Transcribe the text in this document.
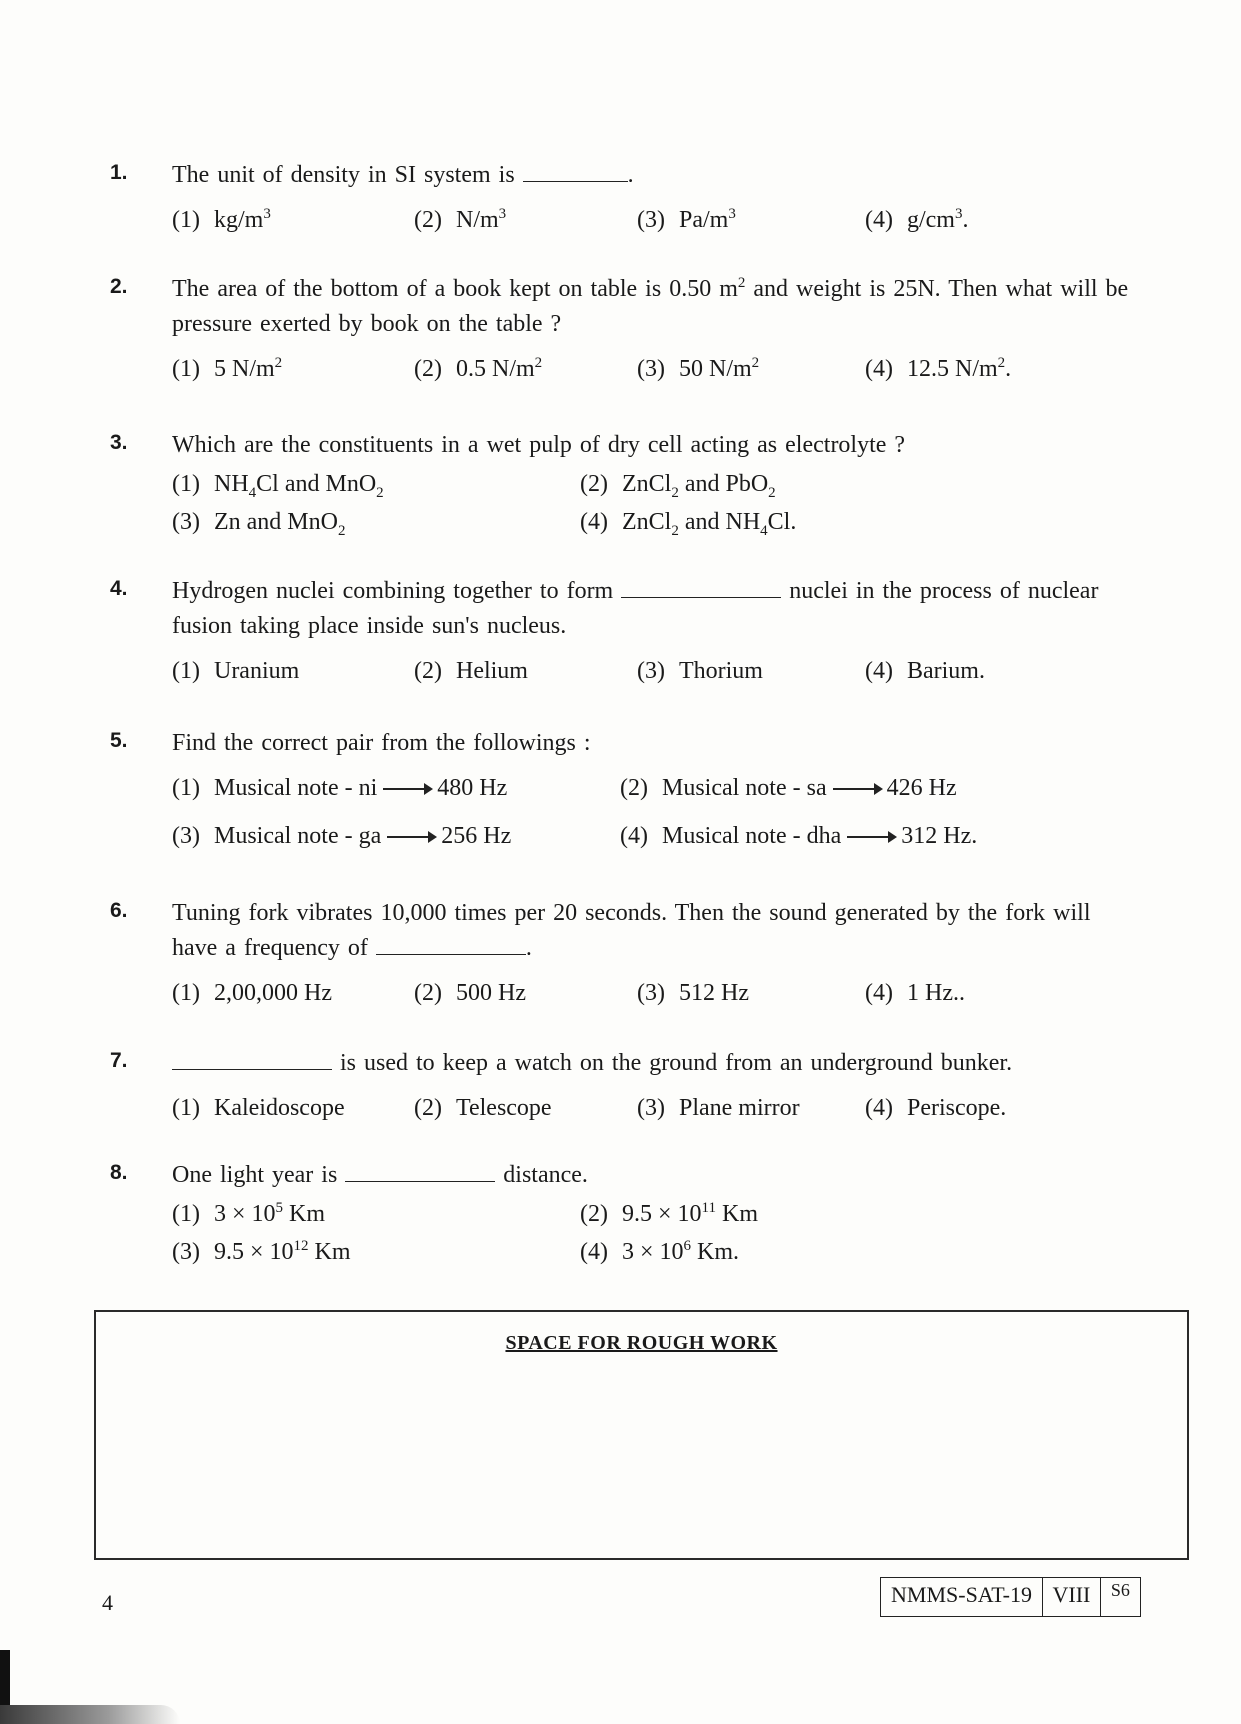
1. The unit of density in SI system is	.
(1) $kg/m^3$	(2) $N/m^3$	(3) $Pa/m^3$	(4) $g/cm^3$.
2. The area of the bottom of a book kept on table is 0.50 $m^2$ and weight is 25N. Then what will be pressure exerted by book on the table ?
(1) 5 $N/m^2$	(2) 0.5 $N/m^2$	(3) 50 $N/m^2$	(4) 12.5 $N/m^2$.
3. Which are the constituents in a wet pulp of dry cell acting as electrolyte ?
(1) $NH_4Cl$ and MnO$_2$	(2) ZnCl$_2$ and PbO$_2$
(3) Zn and MnO$_2$	(4) ZnCl$_2$ and $NH_4Cl$.
4. Hydrogen nuclei combining together to form	nuclei in the process of nuclear fusion taking place inside sun's nucleus.
(1) Uranium	(2) Helium	(3) Thorium	(4) Barium.
5. Find the correct pair from the followings :
(1) Musical note - ni	480 Hz	(2) Musical note - sa	426 Hz
(3) Musical note - ga	256 Hz	(4) Musical note - dha	312 Hz.
6. Tuning fork vibrates 10,000 times per 20 seconds. Then the sound generated by the fork will have a frequency of	.
(1) 2,00,000 Hz	(2) 500 Hz	(3) 512 Hz	(4) 1 Hz..
7.	is used to keep a watch on the ground from an underground bunker.
(1) Kaleidoscope	(2) Telescope	(3) Plane mirror	(4) Periscope.
8. One light year is	distance.
(1) $3 \times 10^5$ Km	(2) $9.5 \times 10^{11}$ Km
(3) $9.5 \times 10^{12}$ Km	(4) $3 \times 10^6$ Km.
SPACE FOR ROUGH WORK
4	NMMS-SAT-19 VIII	S6
